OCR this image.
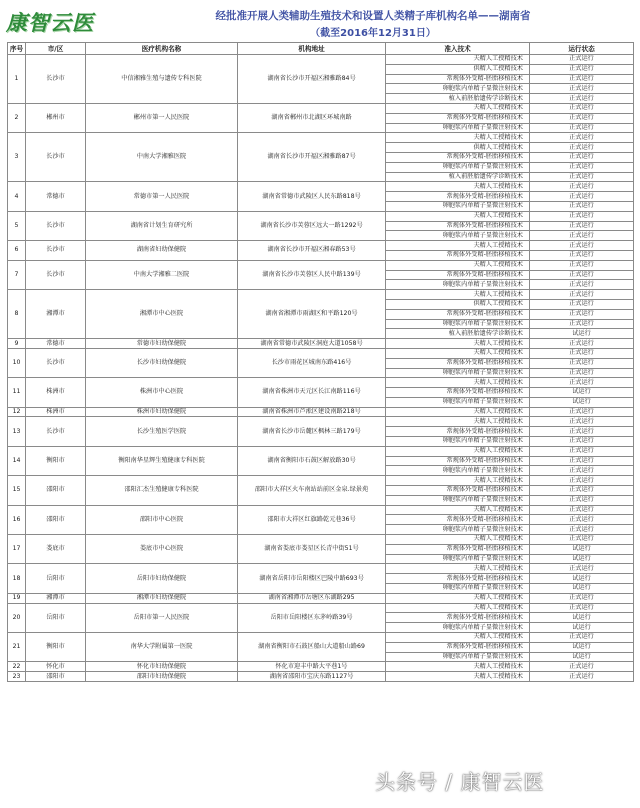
康智云医	经批准开展人类辅助生殖技术和设置人类精子库机构名单——湖南省
（截至2016年12月31日）
序号	市/区	医疗机构名称	机构地址	准入技术	运行状态
1	长沙市	中信湘雅生殖与遗传专科医院	湖南省长沙市开福区湘雅路84号	夫精人工授精技术	正式运行
				供精人工授精技术	正式运行
				常规体外受精-胚胎移植技术	正式运行
				卵胞浆内单精子显微注射技术	正式运行
				植入前胚胎遗传学诊断技术	正式运行
2	郴州市	郴州市第一人民医院	湖南省郴州市北湖区环城南路	夫精人工授精技术	正式运行
				常规体外受精-胚胎移植技术	正式运行
				卵胞浆内单精子显微注射技术	正式运行
3	长沙市	中南大学湘雅医院	湖南省长沙市开福区湘雅路87号	夫精人工授精技术	正式运行
				供精人工授精技术	正式运行
				常规体外受精-胚胎移植技术	正式运行
				卵胞浆内单精子显微注射技术	正式运行
				植入前胚胎遗传学诊断技术	正式运行
4	常德市	常德市第一人民医院	湖南省常德市武陵区人民东路818号	夫精人工授精技术	正式运行
				常规体外受精-胚胎移植技术	正式运行
				卵胞浆内单精子显微注射技术	正式运行
5	长沙市	湖南省计划生育研究所	湖南省长沙市芙蓉区远大一路1292号	夫精人工授精技术	正式运行
				常规体外受精-胚胎移植技术	正式运行
				卵胞浆内单精子显微注射技术	正式运行
6	长沙市	湖南省妇幼保健院	湖南省长沙市开福区湘春路53号	夫精人工授精技术	正式运行
				常规体外受精-胚胎移植技术	正式运行
7	长沙市	中南大学湘雅二医院	湖南省长沙市芙蓉区人民中路139号	夫精人工授精技术	正式运行
				常规体外受精-胚胎移植技术	正式运行
				卵胞浆内单精子显微注射技术	正式运行
8	湘潭市	湘潭市中心医院	湖南省湘潭市雨湖区和平路120号	夫精人工授精技术	正式运行
				供精人工授精技术	正式运行
				常规体外受精-胚胎移植技术	正式运行
				卵胞浆内单精子显微注射技术	正式运行
				植入前胚胎遗传学诊断技术	试运行
9	常德市	常德市妇幼保健院	湖南省常德市武陵区洞庭大道1058号	夫精人工授精技术	正式运行
10	长沙市	长沙市妇幼保健院	长沙市雨花区城南东路416号	夫精人工授精技术	正式运行
				常规体外受精-胚胎移植技术	正式运行
				卵胞浆内单精子显微注射技术	正式运行
11	株洲市	株洲市中心医院	湖南省株洲市天元区长江南路116号	夫精人工授精技术	正式运行
				常规体外受精-胚胎移植技术	试运行
				卵胞浆内单精子显微注射技术	试运行
12	株洲市	株洲市妇幼保健院	湖南省株洲市芦淞区建设南路218号	夫精人工授精技术	正式运行
13	长沙市	长沙生殖医学医院	湖南省长沙市岳麓区枫林三路179号	夫精人工授精技术	正式运行
				常规体外受精-胚胎移植技术	正式运行
				卵胞浆内单精子显微注射技术	正式运行
14	衡阳市	衡阳南华星辉生殖健康专科医院	湖南省衡阳市石鼓区解放路30号	夫精人工授精技术	正式运行
				常规体外受精-胚胎移植技术	正式运行
				卵胞浆内单精子显微注射技术	正式运行
15	邵阳市	邵阳汇杰生殖健康专科医院	邵阳市大祥区火车南站站前区金泉.绿景苑	夫精人工授精技术	正式运行
				常规体外受精-胚胎移植技术	正式运行
				卵胞浆内单精子显微注射技术	正式运行
16	邵阳市	邵阳市中心医院	邵阳市大祥区红旗路乾元巷36号	夫精人工授精技术	正式运行
				常规体外受精-胚胎移植技术	正式运行
				卵胞浆内单精子显微注射技术	正式运行
17	娄底市	娄底市中心医院	湖南省娄底市娄星区长青中街51号	夫精人工授精技术	正式运行
				常规体外受精-胚胎移植技术	试运行
				卵胞浆内单精子显微注射技术	试运行
18	岳阳市	岳阳市妇幼保健院	湖南省岳阳市岳阳楼区巴陵中路693号	夫精人工授精技术	正式运行
				常规体外受精-胚胎移植技术	试运行
				卵胞浆内单精子显微注射技术	试运行
19	湘潭市	湘潭市妇幼保健院	湖南省湘潭市岳塘区东湖路295	夫精人工授精技术	正式运行
20	岳阳市	岳阳市第一人民医院	岳阳市岳阳楼区东茅岭路39号	夫精人工授精技术	正式运行
				常规体外受精-胚胎移植技术	试运行
				卵胞浆内单精子显微注射技术	试运行
21	衡阳市	南华大学附属第一医院	湖南省衡阳市石鼓区船山大道船山路69	夫精人工授精技术	正式运行
				常规体外受精-胚胎移植技术	试运行
				卵胞浆内单精子显微注射技术	试运行
22	怀化市	怀化市妇幼保健院	怀化市迎丰中路大平巷1号	夫精人工授精技术	正式运行
23	邵阳市	邵阳市妇幼保健院	湖南省邵阳市宝庆东路1127号	夫精人工授精技术	正式运行
头条号 / 康智云医
